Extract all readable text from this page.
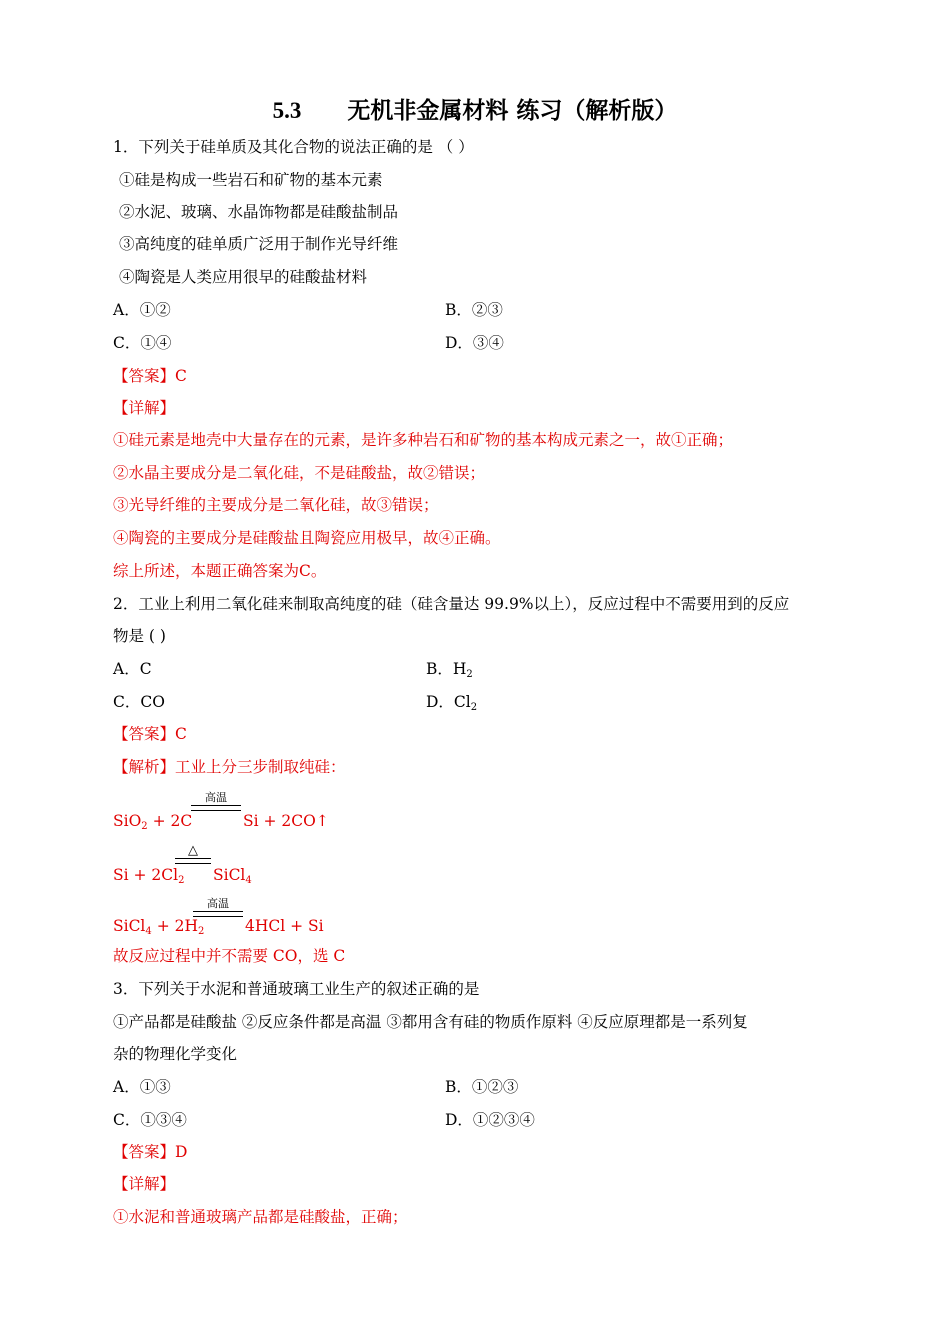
5.3 无机非金属材料 练习（解析版）
1．下列关于硅单质及其化合物的说法正确的是 （ ）
①硅是构成一些岩石和矿物的基本元素
②水泥、玻璃、水晶饰物都是硅酸盐制品
③高纯度的硅单质广泛用于制作光导纤维
④陶瓷是人类应用很早的硅酸盐材料
A．①②	B．②③
C．①④	D．③④
【答案】C
【详解】
①硅元素是地壳中大量存在的元素，是许多种岩石和矿物的基本构成元素之一，故①正确；
②水晶主要成分是二氧化硅，不是硅酸盐，故②错误；
③光导纤维的主要成分是二氧化硅，故③错误；
④陶瓷的主要成分是硅酸盐且陶瓷应用极早，故④正确。
综上所述，本题正确答案为C。
2．工业上利用二氧化硅来制取高纯度的硅（硅含量达 99.9%以上），反应过程中不需要用到的反应
物是 ( )
A．C	B．$H_2$
C．CO	D．$Cl_2$
【答案】C
【解析】工业上分三步制取纯硅：
高温
SiO$_2$ + 2C	Si + 2CO↑
△
$Si + 2Cl_2$ SiCl$_4$
高温
SiCl$_4$ + $2H_2$	4HCl + Si
故反应过程中并不需要 CO，选 C
3．下列关于水泥和普通玻璃工业生产的叙述正确的是
①产品都是硅酸盐 ②反应条件都是高温 ③都用含有硅的物质作原料 ④反应原理都是一系列复
杂的物理化学变化
A．①③	B．①②③
C．①③④	D．①②③④
【答案】D
【详解】
①水泥和普通玻璃产品都是硅酸盐，正确；
